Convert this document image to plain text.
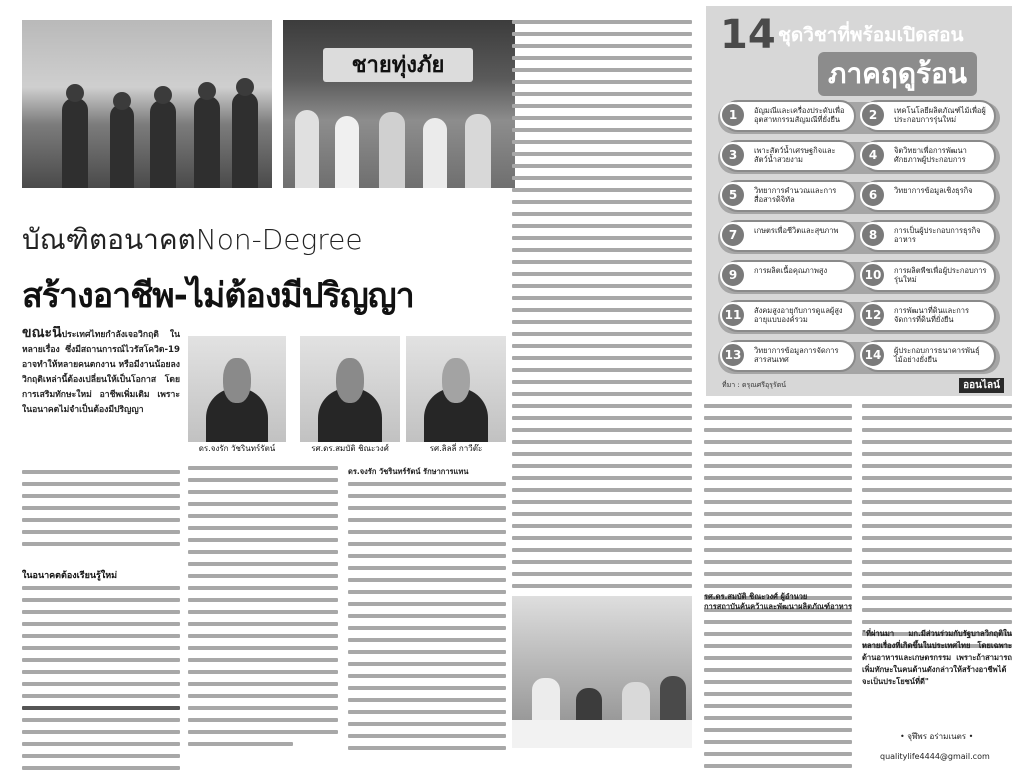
ชายทุ่งภัย
บัณฑิตอนาคตNon-Degree
สร้างอาชีพ-ไม่ต้องมีปริญญา
ขณะนี้ประเทศไทยกำลังเจอวิกฤติ ในหลายเรื่อง ซึ่งมีสถานการณ์ไวรัสโควิด-19 อาจทำให้หลายคนตกงาน หรือมีงานน้อยลง วิกฤติเหล่านี้ต้องเปลี่ยนให้เป็นโอกาส โดย การเสริมทักษะใหม่ อาชีพเพิ่มเติม เพราะในอนาคตไม่จำเป็นต้องมีปริญญา
ในอนาคตต้องเรียนรู้ใหม่
ดร.จงรัก วัชรินทร์รัตน์	รศ.ดร.สมบัติ ชิณะวงศ์	รศ.ลิลลี่ กาวีต๊ะ
ดร.จงรัก วัชรินทร์รัตน์ รักษาการแทน
14 ชุดวิชาที่พร้อมเปิดสอน
ภาคฤดูร้อน
1	อัญมณีและเครื่องประดับเพื่ออุตสาหกรรมสัญมณีที่ยั่งยืน	2	เทคโนโลยีผลิตภัณฑ์ไม้เพื่อผู้ประกอบการรุ่นใหม่
3	เพาะสัตว์น้ำเศรษฐกิจและสัตว์น้ำสวยงาม	4	จิตวิทยาเพื่อการพัฒนาศักยภาพผู้ประกอบการ
5	วิทยาการคำนวณและการสื่อสารดิจิทัล	6	วิทยาการข้อมูลเชิงธุรกิจ
7	เกษตรเพื่อชีวิตและสุขภาพ	8	การเป็นผู้ประกอบการธุรกิจอาหาร
9	การผลิตเนื้อคุณภาพสูง	10	การผลิตพืชเพื่อผู้ประกอบการรุ่นใหม่
11	สังคมสูงอายุกับการดูแลผู้สูงอายุแบบองค์รวม	12	การพัฒนาที่ดินและการจัดการที่ดินที่ยั่งยืน
13	วิทยาการข้อมูลการจัดการสารสนเทศ	14	ผู้ประกอบการธนาคารพันธุ์ไม้อย่างยั่งยืน
ที่มา : ดรุณศรีอุรุรัตน์	ออนไลน์
รศ.ดร.สมบัติ ชิณะวงศ์ ผู้อำนวย
การสถาบันค้นคว้าและพัฒนาผลิตภัณฑ์อาหาร
"ที่ผ่านมา มก.มีส่วนร่วมกับรัฐบาลวิกฤติในหลายเรื่องที่เกิดขึ้นในประเทศไทย โดยเฉพาะด้านอาหารและเกษตรกรรม เพราะถ้าสามารถเพิ่มทักษะในคนด้านดังกล่าวให้สร้างอาชีพได้จะเป็นประโยชน์ที่ดี"
• จุฬีพร อร่ามเนตร •
qualitylife4444@gmail.com
